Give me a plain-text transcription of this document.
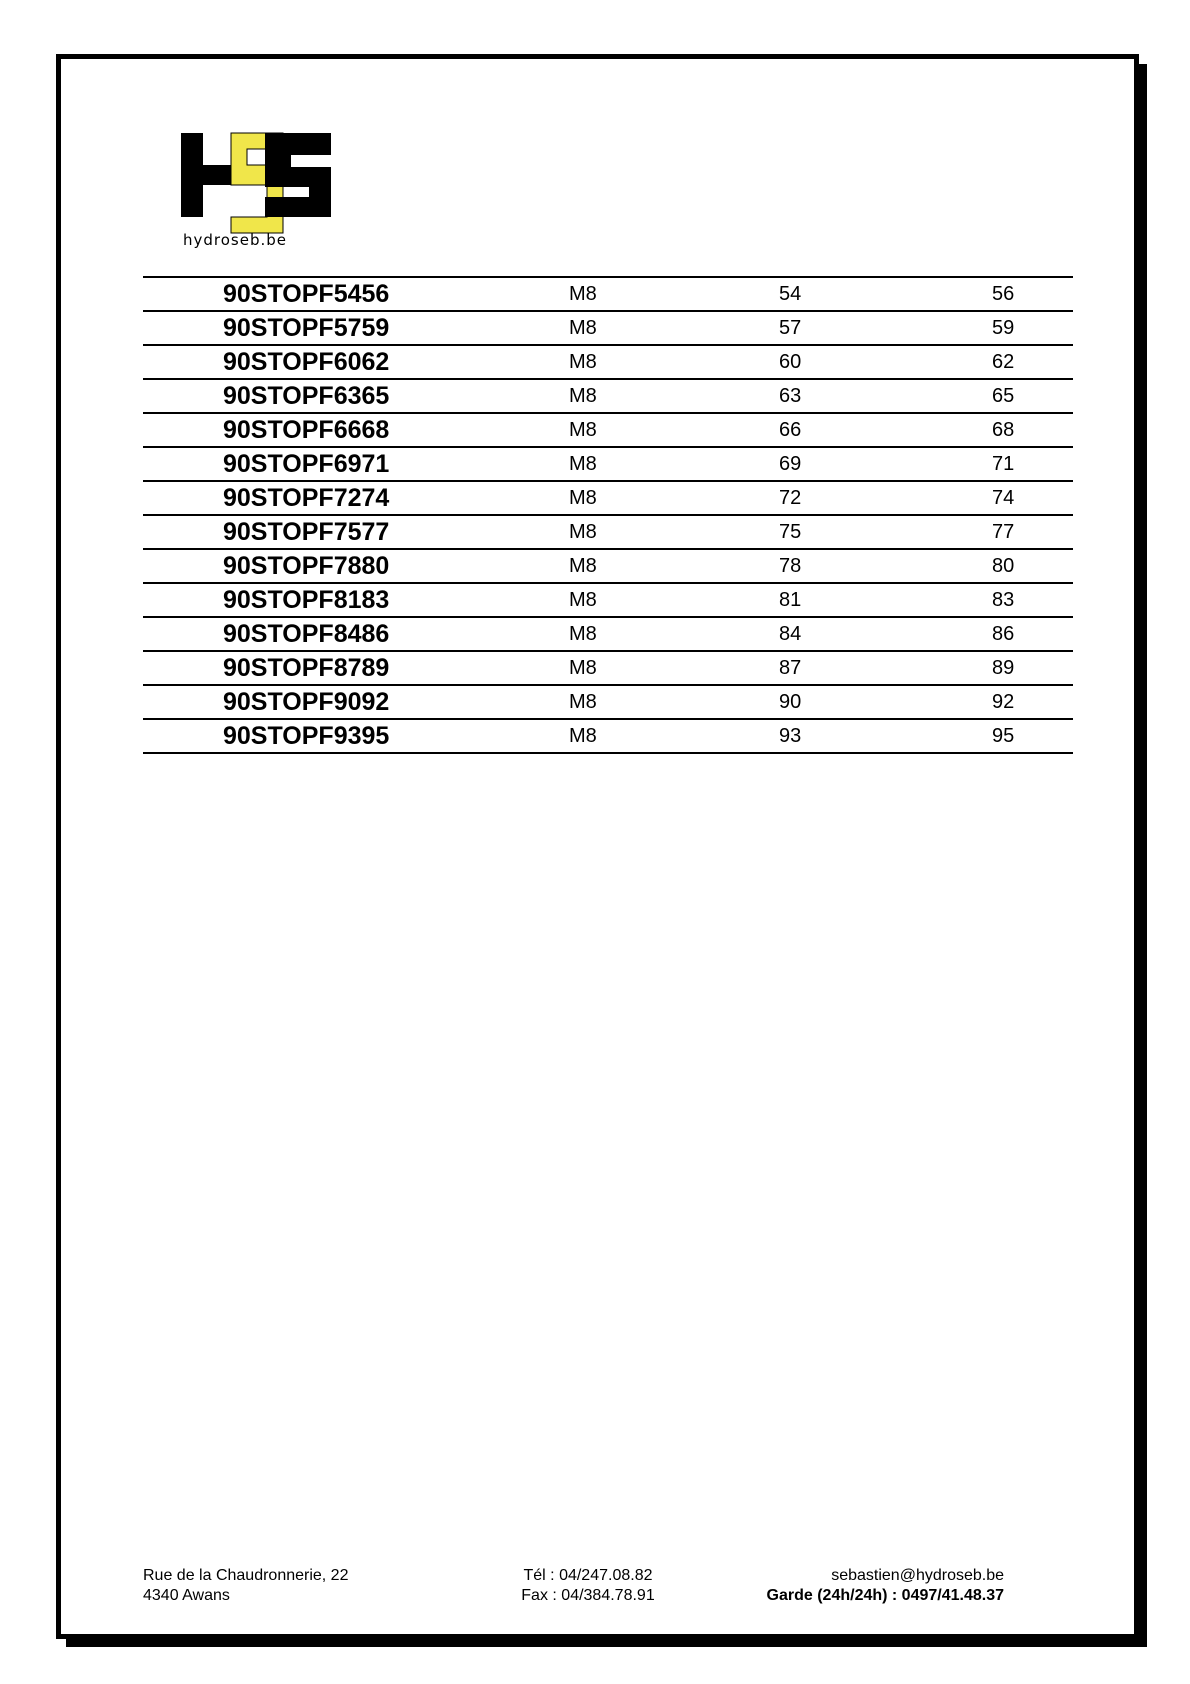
hydroseb.be
90STOPF5456	M8	54	56
90STOPF5759	M8	57	59
90STOPF6062	M8	60	62
90STOPF6365	M8	63	65
90STOPF6668	M8	66	68
90STOPF6971	M8	69	71
90STOPF7274	M8	72	74
90STOPF7577	M8	75	77
90STOPF7880	M8	78	80
90STOPF8183	M8	81	83
90STOPF8486	M8	84	86
90STOPF8789	M8	87	89
90STOPF9092	M8	90	92
90STOPF9395	M8	93	95
Rue de la Chaudronnerie, 22
4340 Awans
Tél : 04/247.08.82
Fax : 04/384.78.91
sebastien@hydroseb.be
Garde (24h/24h) : 0497/41.48.37
